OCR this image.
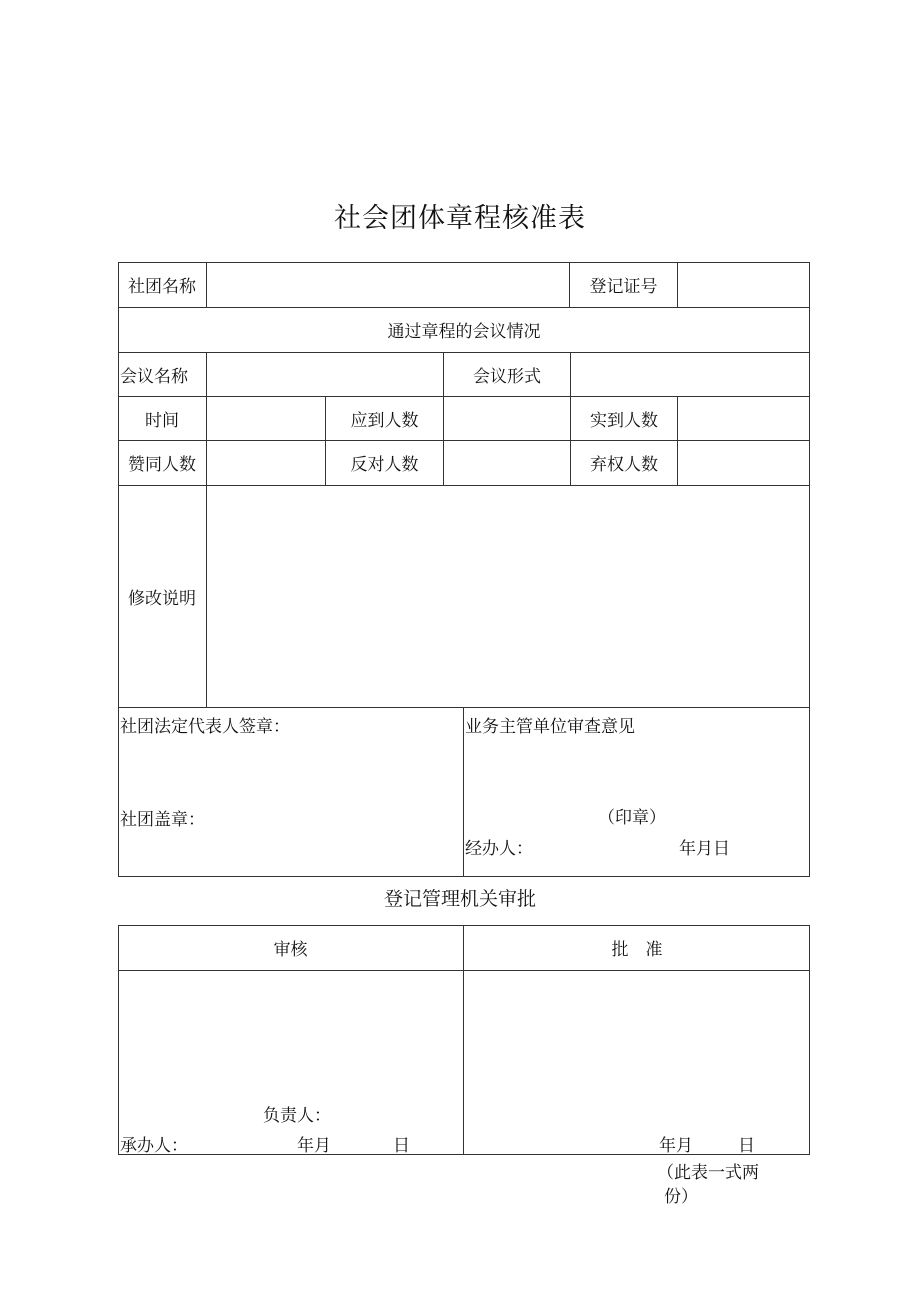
社会团体章程核准表
社团名称	登记证号
通过章程的会议情况
会议名称	会议形式
时间	应到人数	实到人数
赞同人数	反对人数	弃权人数
修改说明
社团法定代表人签章：
社团盖章：
业务主管单位审查意见
（印章）
经办人：	年月日
登记管理机关审批
审核	批　准
负责人：
承办人：	年月	日	年月	日
（此表一式两
份）
